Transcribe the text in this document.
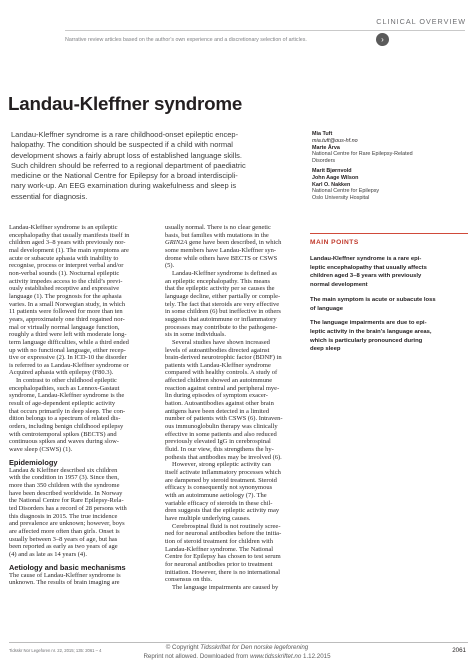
CLINICAL OVERVIEW
Narrative review articles based on the author’s own experience and a discretionary selection of articles.	›
Landau-Kleffner syndrome
Landau-Kleffner syndrome is a rare childhood-onset epileptic encep-
halopathy. The condition should be suspected if a child with normal
development shows a fairly abrupt loss of established language skills.
Such children should be referred to a regional department of paediatric
medicine or the National Centre for Epilepsy for a broad interdiscipli-
nary work-up. An EEG examination during wakefulness and sleep is
essential for diagnosis.
Mia Tuft
mia.tuft@ous-hf.no
Marte Årva
National Centre for Rare Epilepsy-Related
Disorders
Marit Bjørnvold
John Aage Wilson
Karl O. Nakken
National Centre for Epilepsy
Oslo University Hospital
Landau-Kleffner syndrome is an epileptic
encephalopathy that usually manifests itself in
children aged 3–8 years with previously nor-
mal development (1). The main symptoms are
acute or subacute aphasia with inability to
recognise, process or interpret verbal and/or
non-verbal sounds (1). Nocturnal epileptic
activity impedes access to the child’s previ-
ously established receptive and expressive
language (1). The prognosis for the aphasia
varies. In a small Norwegian study, in which
11 patients were followed for more than ten
years, approximately one third regained nor-
mal or virtually normal language function,
roughly a third were left with moderate long-
term language difficulties, while a third ended
up with no functional language, either recep-
tive or expressive (2). In ICD-10 the disorder
is referred to as Landau-Kleffner syndrome or
Acquired aphasia with epilepsy (F80.3).
In contrast to other childhood epileptic
encephalopathies, such as Lennox-Gastaut
syndrome, Landau-Kleffner syndrome is the
result of age-dependent epileptic activity
that occurs primarily in deep sleep. The con-
dition belongs to a spectrum of related dis-
orders, including benign childhood epilepsy
with centrotemporal spikes (BECTS) and
continuous spikes and waves during slow-
wave sleep (CSWS) (1).
Epidemiology
Landau & Kleffner described six children
with the condition in 1957 (3). Since then,
more than 350 children with the syndrome
have been described worldwide. In Norway
the National Centre for Rare Epilepsy-Rela-
ted Disorders has a record of 28 persons with
this diagnosis in 2015. The true incidence
and prevalence are unknown; however, boys
are affected more often than girls. Onset is
usually between 3–8 years of age, but has
been reported as early as two years of age
(4) and as late as 14 years (4).
Aetiology and basic mechanisms
The cause of Landau-Kleffner syndrome is
unknown. The results of brain imaging are
usually normal. There is no clear genetic
basis, but families with mutations in the
GRIN2A gene have been described, in which
some members have Landau-Kleffner syn-
drome while others have BECTS or CSWS
(5).
Landau-Kleffner syndrome is defined as
an epileptic encephalopathy. This means
that the epileptic activity per se causes the
language decline, either partially or comple-
tely. The fact that steroids are very effective
in some children (6) but ineffective in others
suggests that autoimmune or inflammatory
processes may contribute to the pathogene-
sis in some individuals.
Several studies have shown increased
levels of autoantibodies directed against
brain-derived neurotrophic factor (BDNF) in
patients with Landau-Kleffner syndrome
compared with healthy controls. A study of
affected children showed an autoimmune
reaction against central and peripheral mye-
lin during episodes of symptom exacer-
bation. Autoantibodies against other brain
antigens have been detected in a limited
number of patients with CSWS (6). Intraven-
ous immunoglobulin therapy was clinically
effective in some patients and also reduced
previously elevated IgG in cerebrospinal
fluid. In our view, this strengthens the hy-
pothesis that antibodies may be involved (6).
However, strong epileptic activity can
itself activate inflammatory processes which
are dampened by steroid treatment. Steroid
efficacy is consequently not synonymous
with an autoimmune aetiology (7). The
variable efficacy of steroids in these chil-
dren suggests that the epileptic activity may
have multiple underlying causes.
Cerebrospinal fluid is not routinely scree-
ned for neuronal antibodies before the initia-
tion of steroid treatment for children with
Landau-Kleffner syndrome. The National
Centre for Epilepsy has chosen to test serum
for neuronal antibodies prior to treatment
initiation. However, there is no international
consensus on this.
The language impairments are caused by
MAIN POINTS
Landau-Kleffner syndrome is a rare epi-
leptic encephalopathy that usually affects
children aged 3–8 years with previously
normal development
The main symptom is acute or subacute loss
of language
The language impairments are due to epi-
leptic activity in the brain’s language areas,
which is particularly pronounced during
deep sleep
Tidsskr Nor Legeforen nr. 22, 2015; 135: 2061 – 4	© Copyright Tidsskriftet for Den norske legeforening
Reprint not allowed. Downloaded from www.tidsskriftet.no 1.12.2015
2061
